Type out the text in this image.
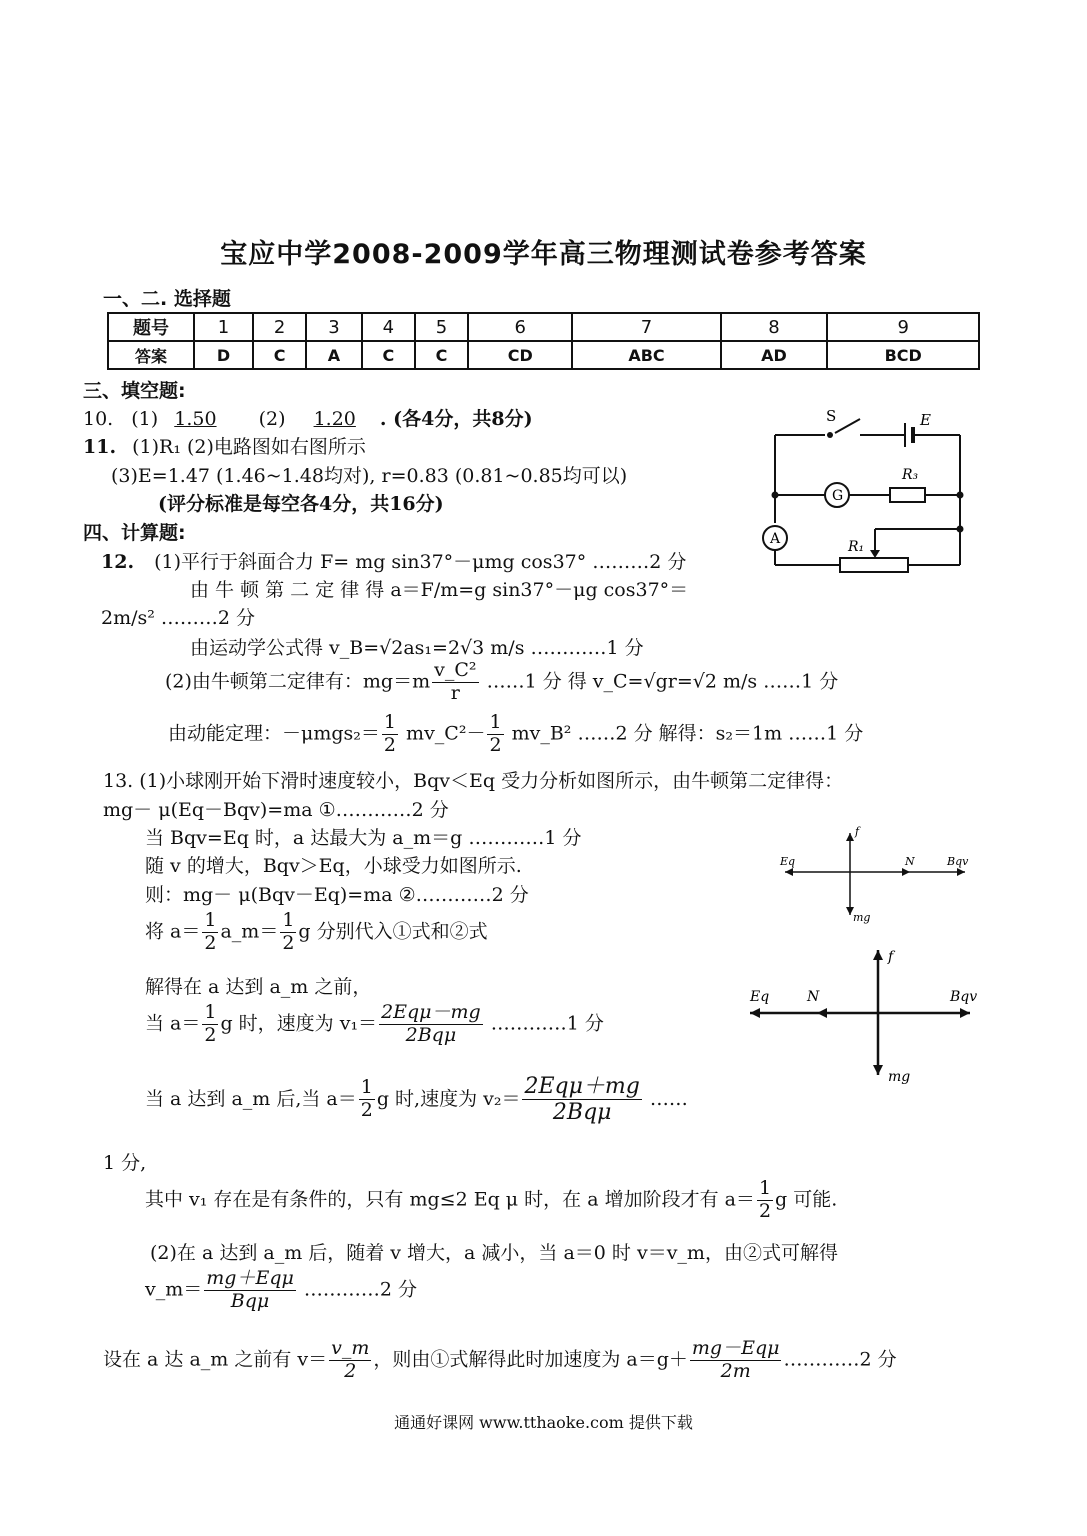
宝应中学2008-2009学年高三物理测试卷参考答案
一、二. 选择题
题号	1	2	3	4	5	6	7	8	9
答案	D	C	A	C	C	CD	ABC	AD	BCD
三、填空题:
10. (1) 1.50 (2) 1.20 . (各4分，共8分)
11. (1)R₁ (2)电路图如右图所示
(3)E=1.47 (1.46~1.48均对), r=0.83 (0.81~0.85均可以)
(评分标准是每空各4分，共16分)
S	E
R₃
G
A	R₁
四、计算题:
12. (1)平行于斜面合力 F= mg sin37°－μmg cos37° ………2 分
由 牛 顿 第 二 定 律 得 a＝F/m=g sin37°－μg cos37°＝
2m/s² ………2 分
由运动学公式得 v_B=√2as₁=2√3 m/s …………1 分
(2)由牛顿第二定律有：$mg=m \frac{\text{v\_C²}}{r}$ ……1 分 得 v_C=√gr=√2 m/s ……1 分
由动能定理：$-\mu mgs_2= \frac{1}{2}$ mv_C²－ $\frac{1}{2}$ mv_B² ……2 分 解得：s₂＝1m ……1 分
13. (1)小球刚开始下滑时速度较小，Bqv＜Eq 受力分析如图所示，由牛顿第二定律得：
mg－ μ(Eq－Bqv)=ma ①…………2 分
当 Bqv=Eq 时，a 达最大为 a_m＝g …………1 分
随 v 的增大，Bqv＞Eq，小球受力如图所示.
则：mg－ μ(Bqv－Eq)=ma ②…………2 分
将 $a= \frac{1}{2}$ a_m＝ $\frac{1}{2}$ g 分别代入①式和②式
解得在 a 达到 a_m 之前，
当 $a= \frac{1}{2}$ g 时，速度为 $v_1= \frac{\text{2Eqμ－mg}}{\text{2Bqμ}}$ …………1 分
当 a 达到 a_m 后,当 $a= \frac{1}{2}$ g 时,速度为 $v_2= \frac{\text{2Eqμ＋mg}}{\text{2Bqμ}}$ ……
1 分,
其中 v₁ 存在是有条件的，只有 mg≤2 Eq μ 时，在 a 增加阶段才有 $a= \frac{1}{2}$ g 可能.
(2)在 a 达到 a_m 后，随着 v 增大，a 减小，当 a＝0 时 v＝v_m，由②式可解得
v_m＝ $\frac{\text{mg＋Eqμ}}{\text{Bqμ}}$ …………2 分
设在 a 达 a_m 之前有 $v= \frac{v\_m}{2}$ ，则由①式解得此时加速度为 $a=g+ \frac{\text{mg－Eqμ}}{2m}$ …………2 分
f
Eq	N	Bqv
mg
f
Eq	N	Bqv
mg
通通好课网 www.tthaoke.com 提供下载
